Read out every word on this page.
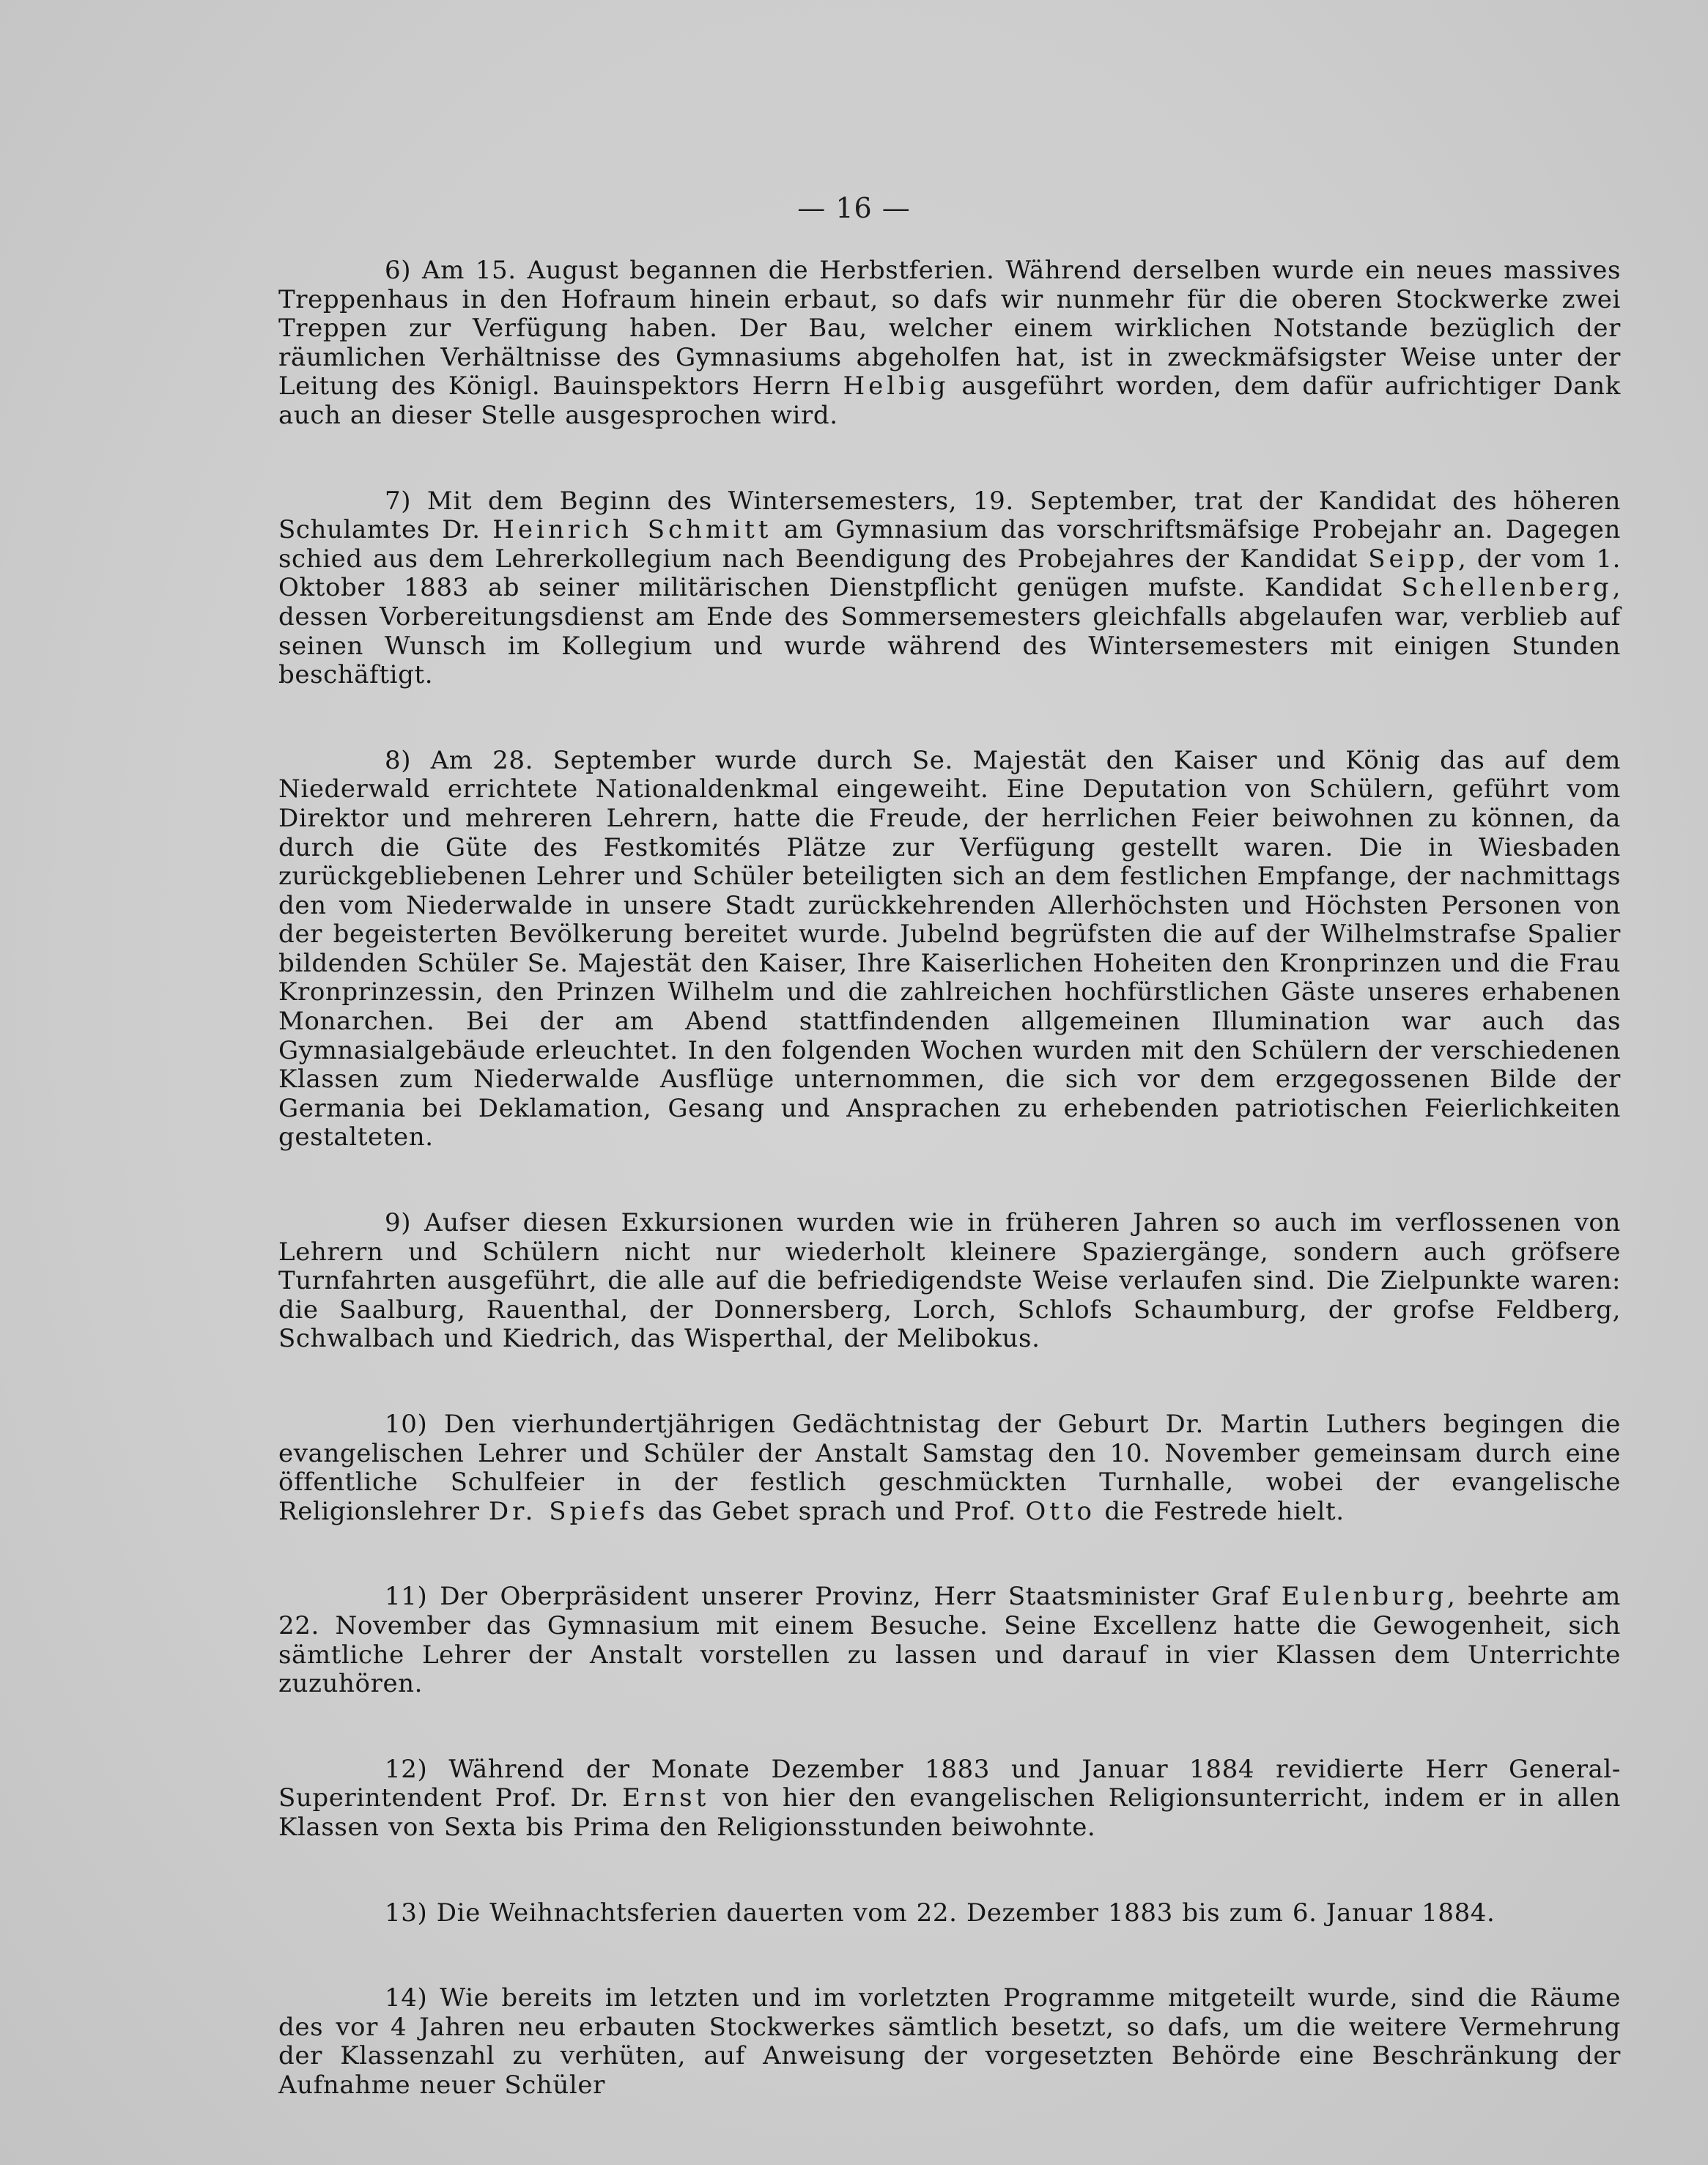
— 16 —

6) Am 15. August begannen die Herbstferien. Während derselben wurde ein neues massives Treppenhaus in den Hofraum hinein erbaut, so dafs wir nunmehr für die oberen Stockwerke zwei Treppen zur Verfügung haben. Der Bau, welcher einem wirklichen Notstande bezüglich der räumlichen Verhältnisse des Gymnasiums abgeholfen hat, ist in zweckmäfsigster Weise unter der Leitung des Königl. Bauinspektors Herrn Helbig ausgeführt worden, dem dafür aufrichtiger Dank auch an dieser Stelle ausgesprochen wird.

7) Mit dem Beginn des Wintersemesters, 19. September, trat der Kandidat des höheren Schulamtes Dr. Heinrich Schmitt am Gymnasium das vorschriftsmäfsige Probejahr an. Dagegen schied aus dem Lehrerkollegium nach Beendigung des Probejahres der Kandidat Seipp, der vom 1. Oktober 1883 ab seiner militärischen Dienstpflicht genügen mufste. Kandidat Schellenberg, dessen Vorbereitungsdienst am Ende des Sommersemesters gleichfalls abgelaufen war, verblieb auf seinen Wunsch im Kollegium und wurde während des Wintersemesters mit einigen Stunden beschäftigt.

8) Am 28. September wurde durch Se. Majestät den Kaiser und König das auf dem Niederwald errichtete Nationaldenkmal eingeweiht. Eine Deputation von Schülern, geführt vom Direktor und mehreren Lehrern, hatte die Freude, der herrlichen Feier beiwohnen zu können, da durch die Güte des Festkomités Plätze zur Verfügung gestellt waren. Die in Wiesbaden zurückgebliebenen Lehrer und Schüler beteiligten sich an dem festlichen Empfange, der nachmittags den vom Niederwalde in unsere Stadt zurückkehrenden Allerhöchsten und Höchsten Personen von der begeisterten Bevölkerung bereitet wurde. Jubelnd begrüfsten die auf der Wilhelmstrafse Spalier bildenden Schüler Se. Majestät den Kaiser, Ihre Kaiserlichen Hoheiten den Kronprinzen und die Frau Kronprinzessin, den Prinzen Wilhelm und die zahlreichen hochfürstlichen Gäste unseres erhabenen Monarchen. Bei der am Abend stattfindenden allgemeinen Illumination war auch das Gymnasialgebäude erleuchtet. In den folgenden Wochen wurden mit den Schülern der verschiedenen Klassen zum Niederwalde Ausflüge unternommen, die sich vor dem erzgegossenen Bilde der Germania bei Deklamation, Gesang und Ansprachen zu erhebenden patriotischen Feierlichkeiten gestalteten.

9) Aufser diesen Exkursionen wurden wie in früheren Jahren so auch im verflossenen von Lehrern und Schülern nicht nur wiederholt kleinere Spaziergänge, sondern auch gröfsere Turnfahrten ausgeführt, die alle auf die befriedigendste Weise verlaufen sind. Die Zielpunkte waren: die Saalburg, Rauenthal, der Donnersberg, Lorch, Schlofs Schaumburg, der grofse Feldberg, Schwalbach und Kiedrich, das Wisperthal, der Melibokus.

10) Den vierhundertjährigen Gedächtnistag der Geburt Dr. Martin Luthers begingen die evangelischen Lehrer und Schüler der Anstalt Samstag den 10. November gemeinsam durch eine öffentliche Schulfeier in der festlich geschmückten Turnhalle, wobei der evangelische Religionslehrer Dr. Spiefs das Gebet sprach und Prof. Otto die Festrede hielt.

11) Der Oberpräsident unserer Provinz, Herr Staatsminister Graf Eulenburg, beehrte am 22. November das Gymnasium mit einem Besuche. Seine Excellenz hatte die Gewogenheit, sich sämtliche Lehrer der Anstalt vorstellen zu lassen und darauf in vier Klassen dem Unterrichte zuzuhören.

12) Während der Monate Dezember 1883 und Januar 1884 revidierte Herr General-Superintendent Prof. Dr. Ernst von hier den evangelischen Religionsunterricht, indem er in allen Klassen von Sexta bis Prima den Religionsstunden beiwohnte.

13) Die Weihnachtsferien dauerten vom 22. Dezember 1883 bis zum 6. Januar 1884.

14) Wie bereits im letzten und im vorletzten Programme mitgeteilt wurde, sind die Räume des vor 4 Jahren neu erbauten Stockwerkes sämtlich besetzt, so dafs, um die weitere Vermehrung der Klassenzahl zu verhüten, auf Anweisung der vorgesetzten Behörde eine Beschränkung der Aufnahme neuer Schüler
